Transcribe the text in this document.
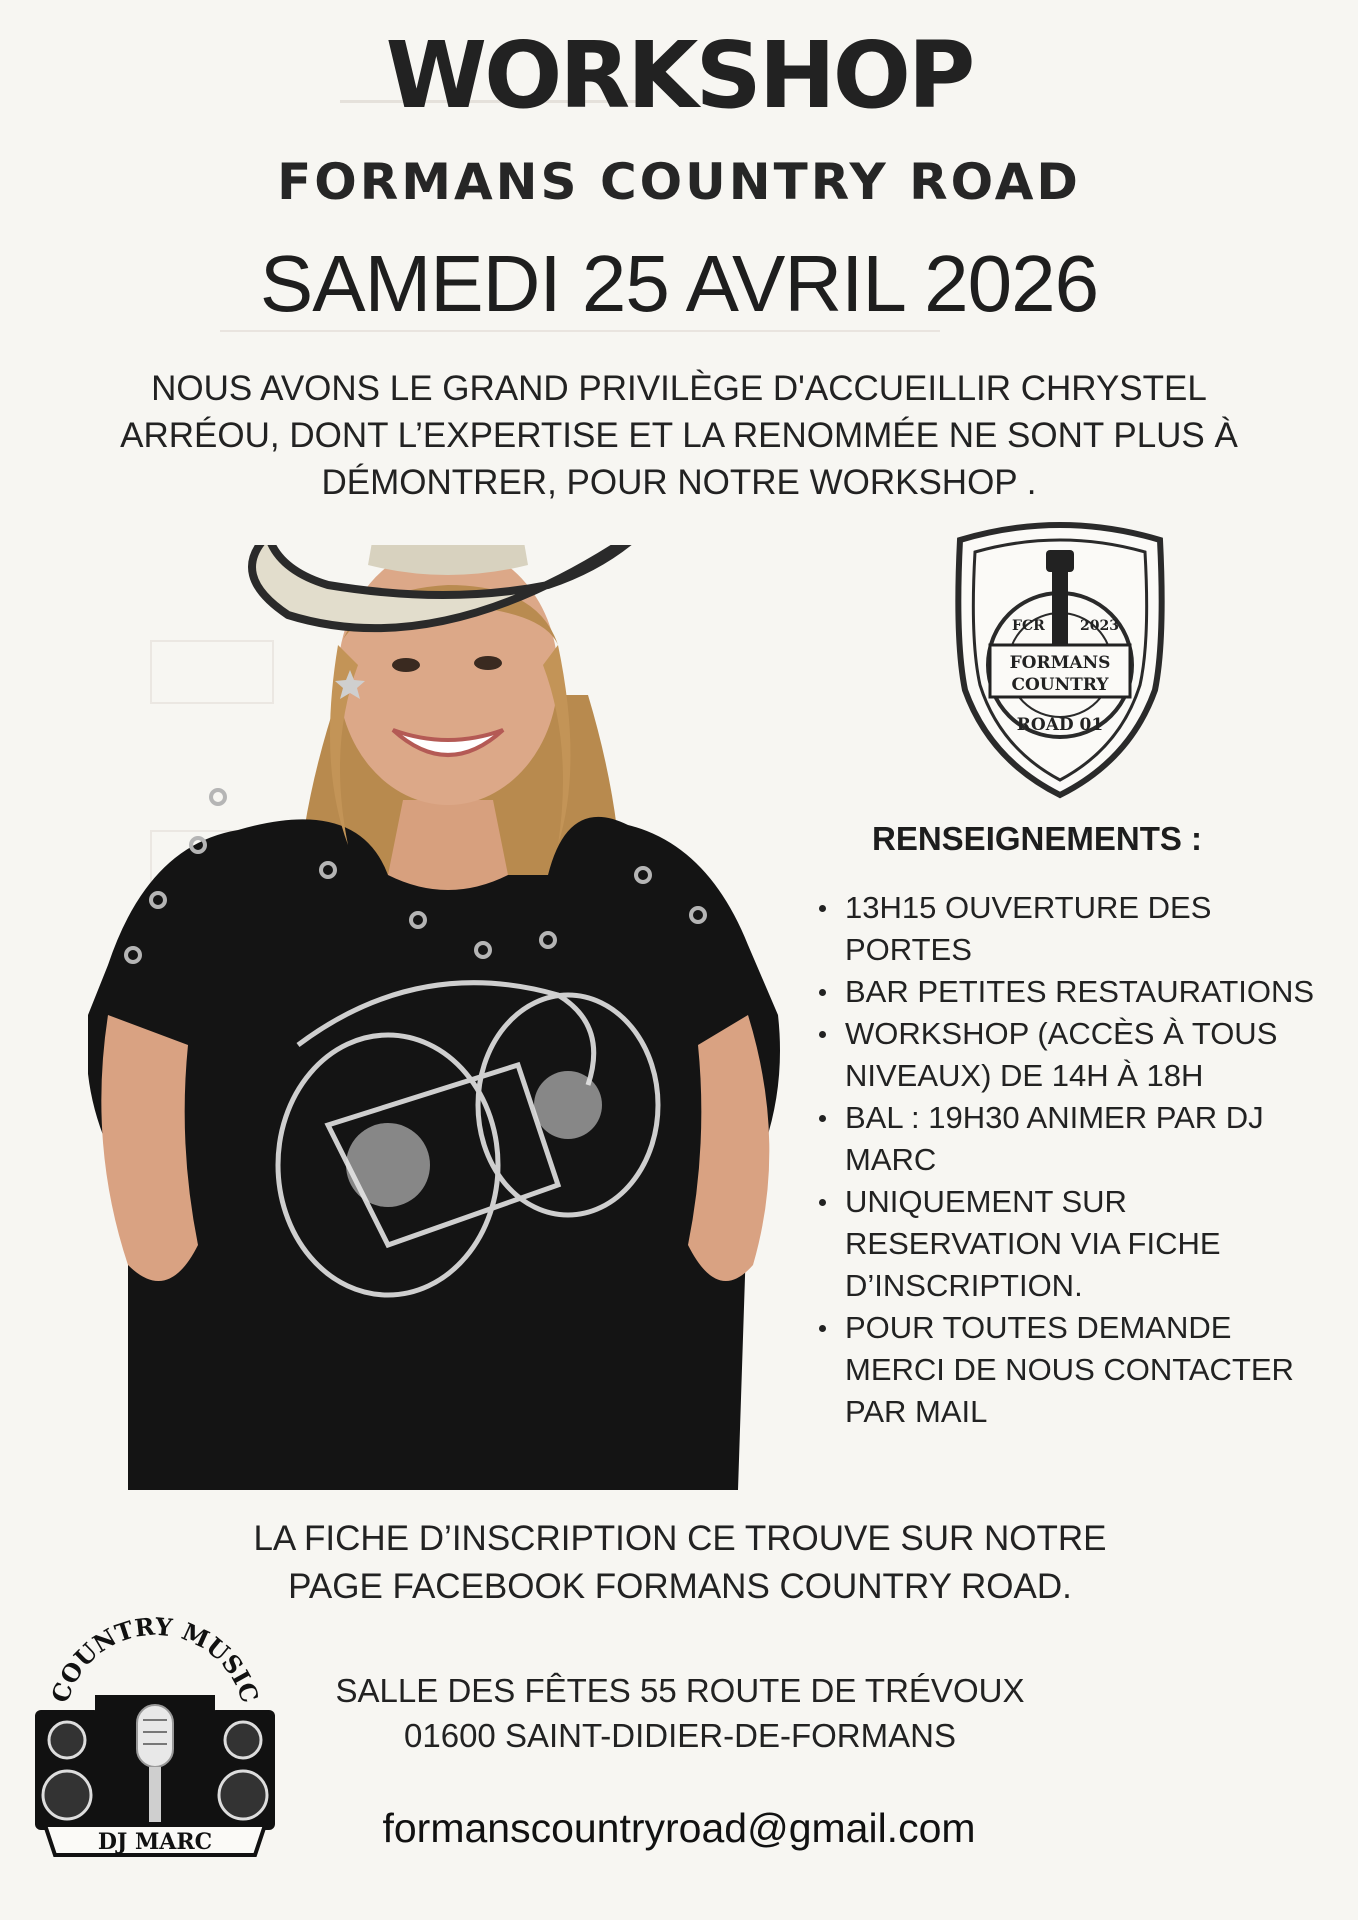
WORKSHOP
FORMANS COUNTRY ROAD
SAMEDI 25 AVRIL 2026
NOUS AVONS LE GRAND PRIVILÈGE D'ACCUEILLIR CHRYSTEL
ARRÉOU, DONT L’EXPERTISE ET LA RENOMMÉE NE SONT PLUS À
DÉMONTRER, POUR NOTRE WORKSHOP .
FCR	2023
FORMANS
COUNTRY
ROAD 01
RENSEIGNEMENTS :
13H15 OUVERTURE DES
PORTES
BAR PETITES RESTAURATIONS
WORKSHOP (ACCÈS À TOUS
NIVEAUX) DE 14H À 18H
BAL : 19H30 ANIMER PAR DJ
MARC
UNIQUEMENT SUR
RESERVATION VIA FICHE
D’INSCRIPTION.
POUR TOUTES DEMANDE
MERCI DE NOUS CONTACTER
PAR MAIL
LA FICHE D’INSCRIPTION CE TROUVE SUR NOTRE
PAGE FACEBOOK FORMANS COUNTRY ROAD.
COUNTRY MUSIC
DJ MARC
SALLE DES FÊTES 55 ROUTE DE TRÉVOUX
01600 SAINT-DIDIER-DE-FORMANS
formanscountryroad@gmail.com
